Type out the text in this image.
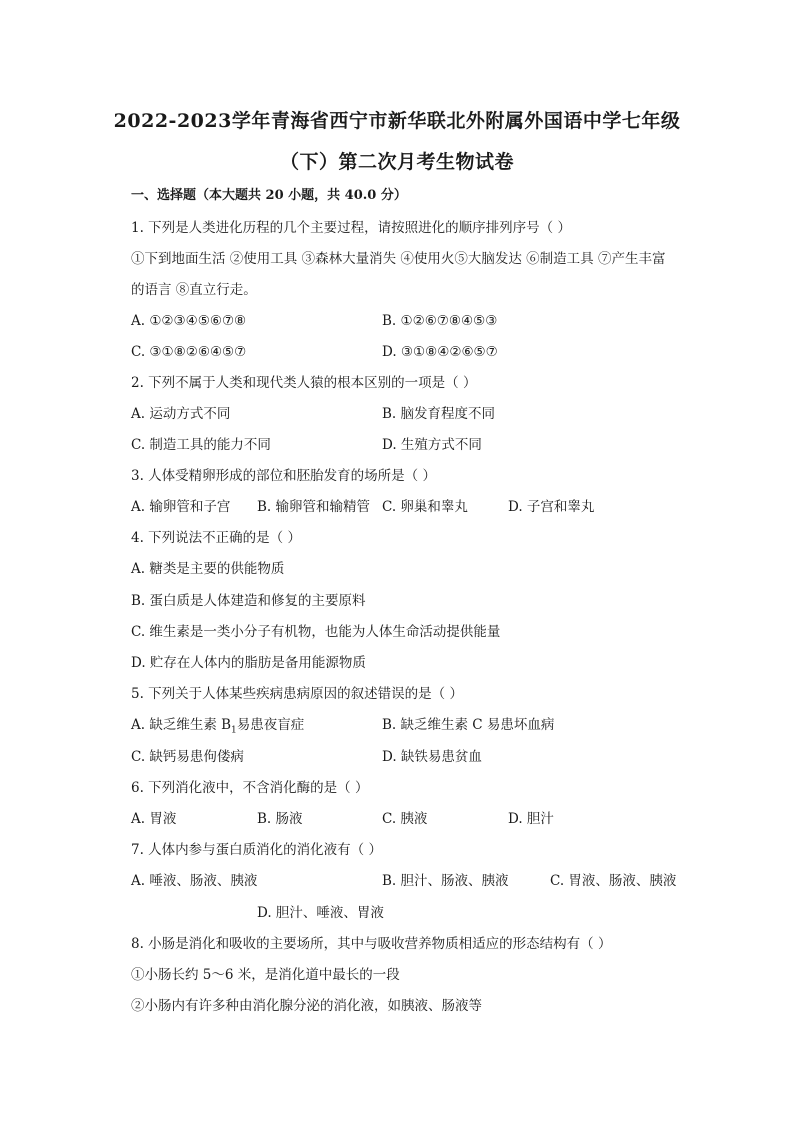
2022-2023学年青海省西宁市新华联北外附属外国语中学七年级
（下）第二次月考生物试卷
一、选择题（本大题共 20 小题，共 40.0 分）
1. 下列是人类进化历程的几个主要过程，请按照进化的顺序排列序号（ ）
①下到地面生活 ②使用工具 ③森林大量消失 ④使用火⑤大脑发达 ⑥制造工具 ⑦产生丰富
的语言 ⑧直立行走。
A. ①②③④⑤⑥⑦⑧	B. ①②⑥⑦⑧④⑤③
C. ③①⑧②⑥④⑤⑦	D. ③①⑧④②⑥⑤⑦
2. 下列不属于人类和现代类人猿的根本区别的一项是（ ）
A. 运动方式不同	B. 脑发育程度不同
C. 制造工具的能力不同	D. 生殖方式不同
3. 人体受精卵形成的部位和胚胎发育的场所是（ ）
A. 输卵管和子宫 B. 输卵管和输精管 C. 卵巢和睾丸	D. 子宫和睾丸
4. 下列说法不正确的是（ ）
A. 糖类是主要的供能物质
B. 蛋白质是人体建造和修复的主要原料
C. 维生素是一类小分子有机物，也能为人体生命活动提供能量
D. 贮存在人体内的脂肪是备用能源物质
5. 下列关于人体某些疾病患病原因的叙述错误的是（ ）
A. 缺乏维生素 $B_1$易患夜盲症	B. 缺乏维生素 C 易患坏血病
C. 缺钙易患佝偻病	D. 缺铁易患贫血
6. 下列消化液中，不含消化酶的是（ ）
A. 胃液	B. 肠液	C. 胰液	D. 胆汁
7. 人体内参与蛋白质消化的消化液有（ ）
A. 唾液、肠液、胰液	B. 胆汁、肠液、胰液	C. 胃液、肠液、胰液
D. 胆汁、唾液、胃液
8. 小肠是消化和吸收的主要场所，其中与吸收营养物质相适应的形态结构有（ ）
①小肠长约 5～6 米，是消化道中最长的一段
②小肠内有许多种由消化腺分泌的消化液，如胰液、肠液等
